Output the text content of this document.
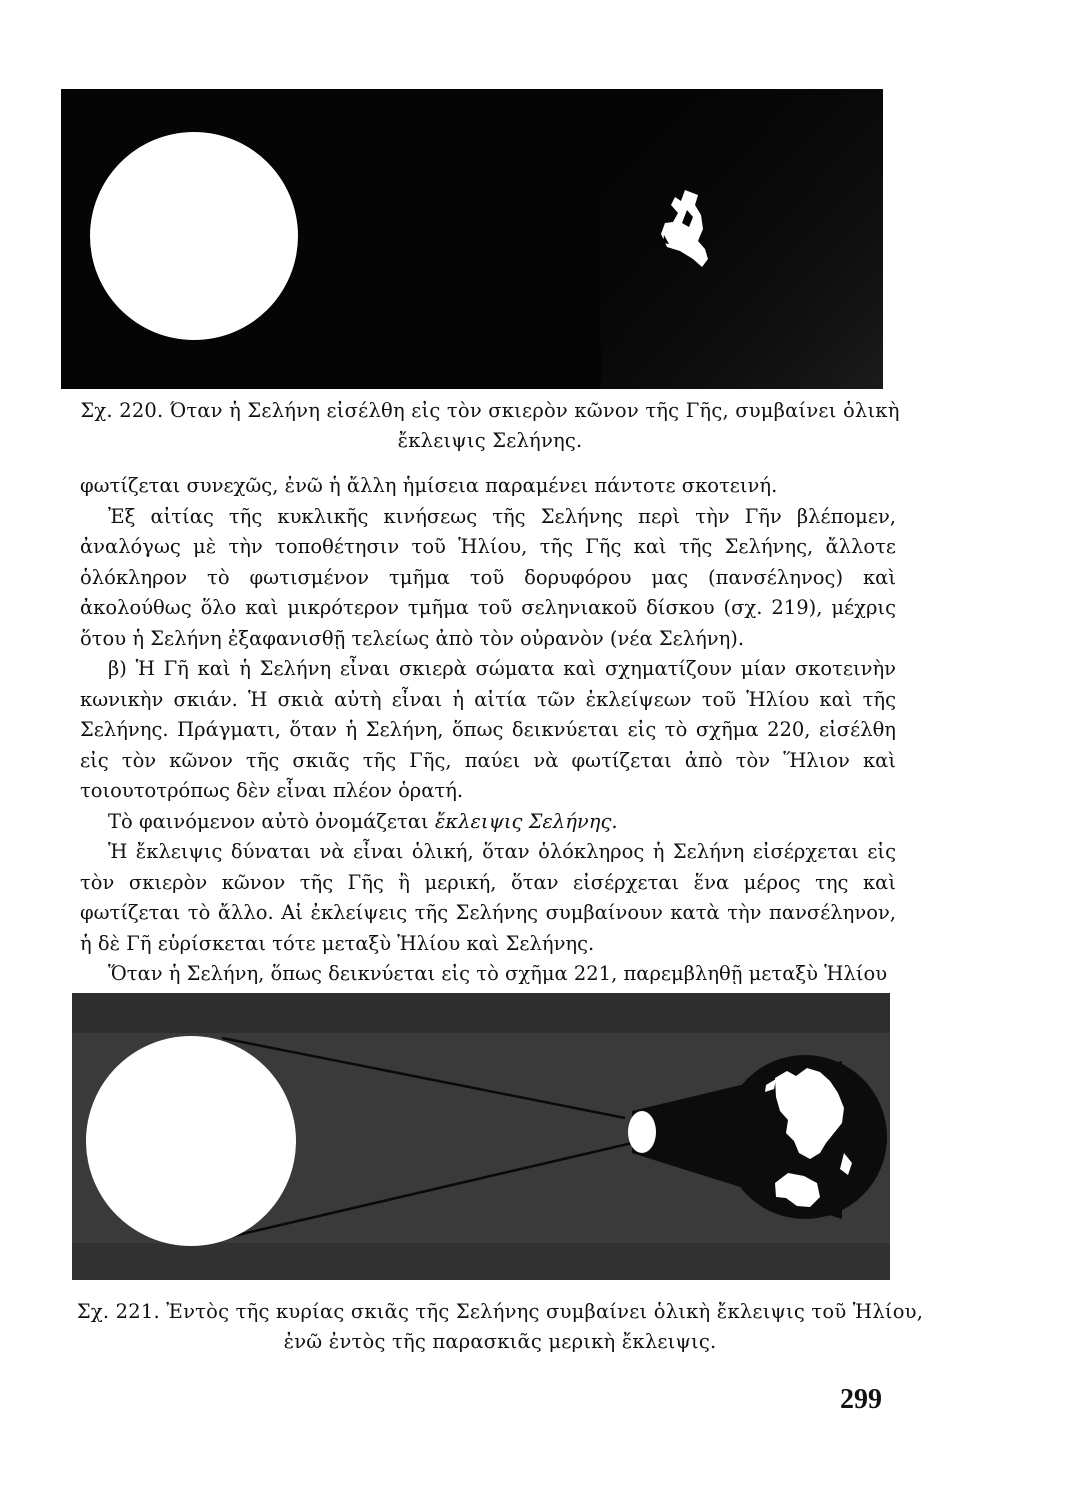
Σχ. 220. Όταν ἡ Σελήνη εἰσέλθη εἰς τὸν σκιερὸν κῶνον τῆς Γῆς, συμβαίνει ὁλικὴ
ἔκλειψις Σελήνης.

φωτίζεται συνεχῶς, ἐνῶ ἡ ἄλλη ἡμίσεια παραμένει πάντοτε σκοτεινή.

Ἐξ αἰτίας τῆς κυκλικῆς κινήσεως τῆς Σελήνης περὶ τὴν Γῆν βλέπομεν, ἀναλόγως μὲ τὴν τοποθέτησιν τοῦ Ἡλίου, τῆς Γῆς καὶ τῆς Σελήνης, ἄλλοτε ὁλόκληρον τὸ φωτισμένον τμῆμα τοῦ δορυφόρου μας (πανσέληνος) καὶ ἀκολούθως ὅλο καὶ μικρότερον τμῆμα τοῦ σεληνιακοῦ δίσκου (σχ. 219), μέχρις ὅτου ἡ Σελήνη ἐξαφανισθῇ τελείως ἀπὸ τὸν οὐρανὸν (νέα Σελήνη).

β) Ἡ Γῆ καὶ ἡ Σελήνη εἶναι σκιερὰ σώματα καὶ σχηματίζουν μίαν σκοτεινὴν κωνικὴν σκιάν. Ἡ σκιὰ αὐτὴ εἶναι ἡ αἰτία τῶν ἐκλείψεων τοῦ Ἡλίου καὶ τῆς Σελήνης. Πράγματι, ὅταν ἡ Σελήνη, ὅπως δεικνύεται εἰς τὸ σχῆμα 220, εἰσέλθη εἰς τὸν κῶνον τῆς σκιᾶς τῆς Γῆς, παύει νὰ φωτίζεται ἀπὸ τὸν Ἥλιον καὶ τοιουτοτρόπως δὲν εἶναι πλέον ὁρατή.

Τὸ φαινόμενον αὐτὸ ὀνομάζεται ἔκλειψις Σελήνης.

Ἡ ἔκλειψις δύναται νὰ εἶναι ὁλική, ὅταν ὁλόκληρος ἡ Σελήνη εἰσέρχεται εἰς τὸν σκιερὸν κῶνον τῆς Γῆς ἢ μερική, ὅταν εἰσέρχεται ἕνα μέρος της καὶ φωτίζεται τὸ ἄλλο. Αἱ ἐκλείψεις τῆς Σελήνης συμβαίνουν κατὰ τὴν πανσέληνον, ἡ δὲ Γῆ εὑρίσκεται τότε μεταξὺ Ἡλίου καὶ Σελήνης.

Ὅταν ἡ Σελήνη, ὅπως δεικνύεται εἰς τὸ σχῆμα 221, παρεμβληθῇ μεταξὺ Ἡλίου

Σχ. 221. Ἐντὸς τῆς κυρίας σκιᾶς τῆς Σελήνης συμβαίνει ὁλικὴ ἔκλειψις τοῦ Ἡλίου,
ἐνῶ ἐντὸς τῆς παρασκιᾶς μερικὴ ἔκλειψις.
299
